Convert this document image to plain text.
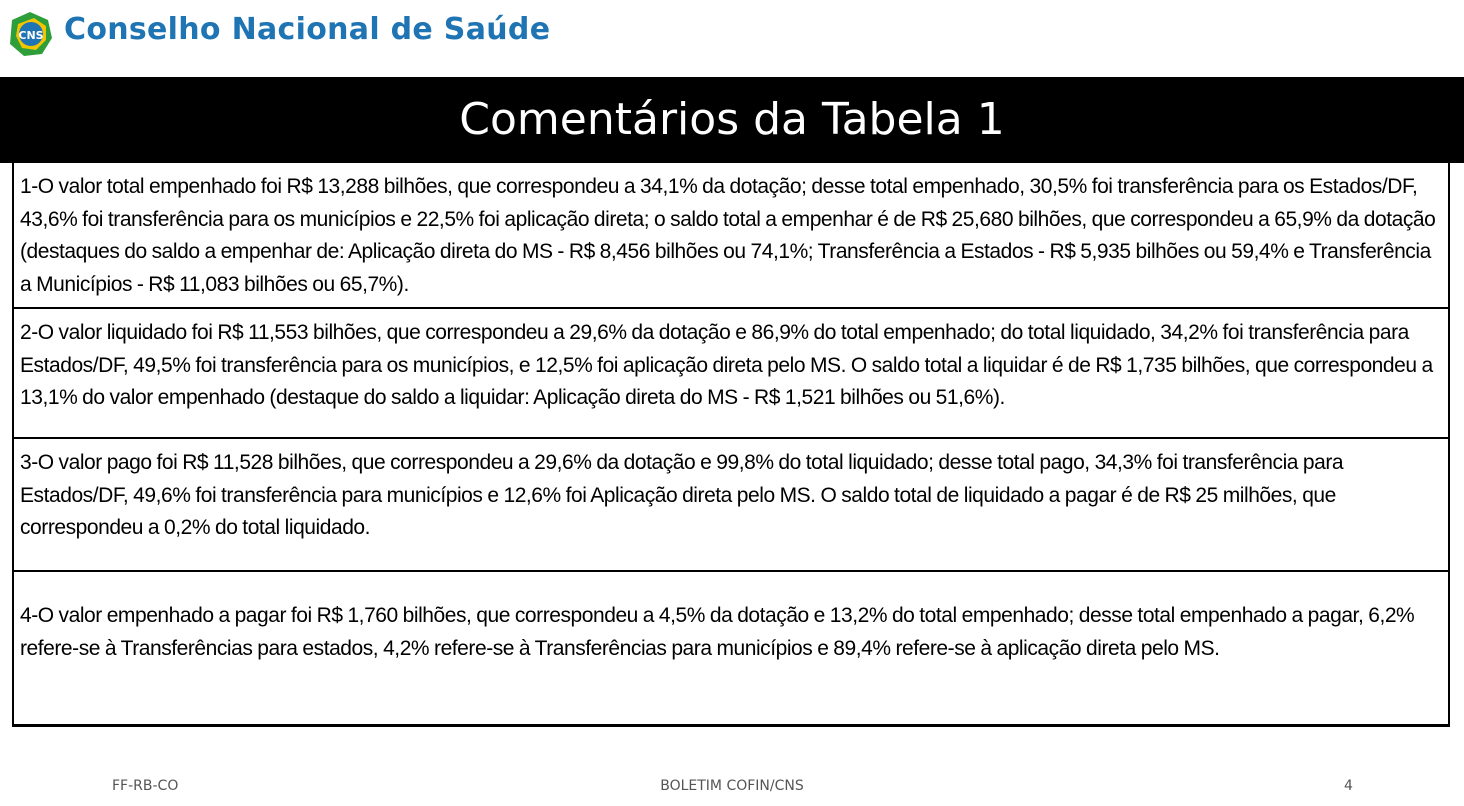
CNS Conselho Nacional de Saúde
Comentários da Tabela 1
1-O valor total empenhado foi R$ 13,288 bilhões, que correspondeu a 34,1% da dotação; desse total empenhado, 30,5% foi transferência para os Estados/DF, 43,6% foi transferência para os municípios e 22,5% foi aplicação direta; o saldo total a empenhar é de R$ 25,680 bilhões, que correspondeu a 65,9% da dotação (destaques do saldo a empenhar de: Aplicação direta do MS - R$ 8,456 bilhões ou 74,1%; Transferência a Estados - R$ 5,935 bilhões ou 59,4% e Transferência a Municípios - R$ 11,083 bilhões ou 65,7%).

2-O valor liquidado foi R$ 11,553 bilhões, que correspondeu a 29,6% da dotação e 86,9% do total empenhado; do total liquidado, 34,2% foi transferência para Estados/DF, 49,5% foi transferência para os municípios, e 12,5% foi aplicação direta pelo MS. O saldo total a liquidar é de R$ 1,735 bilhões, que correspondeu a 13,1% do valor empenhado (destaque do saldo a liquidar: Aplicação direta do MS - R$ 1,521 bilhões ou 51,6%).

3-O valor pago foi R$ 11,528 bilhões, que correspondeu a 29,6% da dotação e 99,8% do total liquidado; desse total pago, 34,3% foi transferência para Estados/DF, 49,6% foi transferência para municípios e 12,6% foi Aplicação direta pelo MS. O saldo total de liquidado a pagar é de R$ 25 milhões, que correspondeu a 0,2% do total liquidado.

4-O valor empenhado a pagar foi R$ 1,760 bilhões, que correspondeu a 4,5% da dotação e 13,2% do total empenhado; desse total empenhado a pagar, 6,2% refere-se à Transferências para estados, 4,2% refere-se à Transferências para municípios e 89,4% refere-se à aplicação direta pelo MS.
FF-RB-CO	BOLETIM COFIN/CNS	4
